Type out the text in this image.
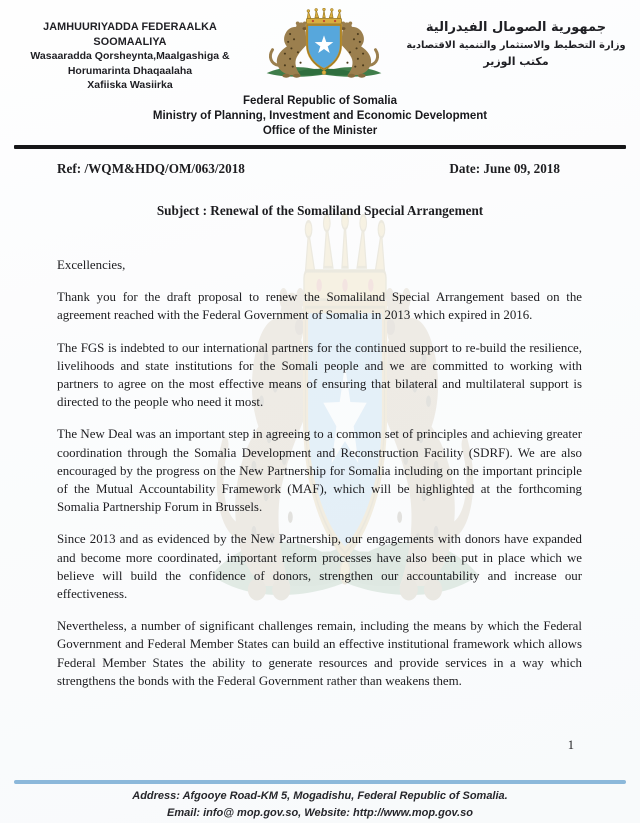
JAMHUURIYADDA FEDERAALKA SOOMAALIYA
Wasaaradda Qorsheynta,Maalgashiga &
Horumarinta Dhaqaalaha
Xafiiska Wasiirka
جمهورية الصومال الفيدرالية
وزارة التخطيط والاستثمار والتنمية الاقتصادية
مكتب الوزير
Federal Republic of Somalia
Ministry of Planning, Investment and Economic Development
Office of the Minister
Ref: /WQM&HDQ/OM/063/2018	Date: June 09, 2018
Subject : Renewal of the Somaliland Special Arrangement
Excellencies,

Thank you for the draft proposal to renew the Somaliland Special Arrangement based on the agreement reached with the Federal Government of Somalia in 2013 which expired in 2016.

The FGS is indebted to our international partners for the continued support to re-build the resilience, livelihoods and state institutions for the Somali people and we are committed to working with partners to agree on the most effective means of ensuring that bilateral and multilateral support is directed to the people who need it most.

The New Deal was an important step in agreeing to a common set of principles and achieving greater coordination through the Somalia Development and Reconstruction Facility (SDRF). We are also encouraged by the progress on the New Partnership for Somalia including on the important principle of the Mutual Accountability Framework (MAF), which will be highlighted at the forthcoming Somalia Partnership Forum in Brussels.

Since 2013 and as evidenced by the New Partnership, our engagements with donors have expanded and become more coordinated, important reform processes have also been put in place which we believe will build the confidence of donors, strengthen our accountability and increase our effectiveness.

Nevertheless, a number of significant challenges remain, including the means by which the Federal Government and Federal Member States can build an effective institutional framework which allows Federal Member States the ability to generate resources and provide services in a way which strengthens the bonds with the Federal Government rather than weakens them.

1
Address: Afgooye Road-KM 5, Mogadishu, Federal Republic of Somalia.
Email: info@ mop.gov.so, Website: http://www.mop.gov.so
